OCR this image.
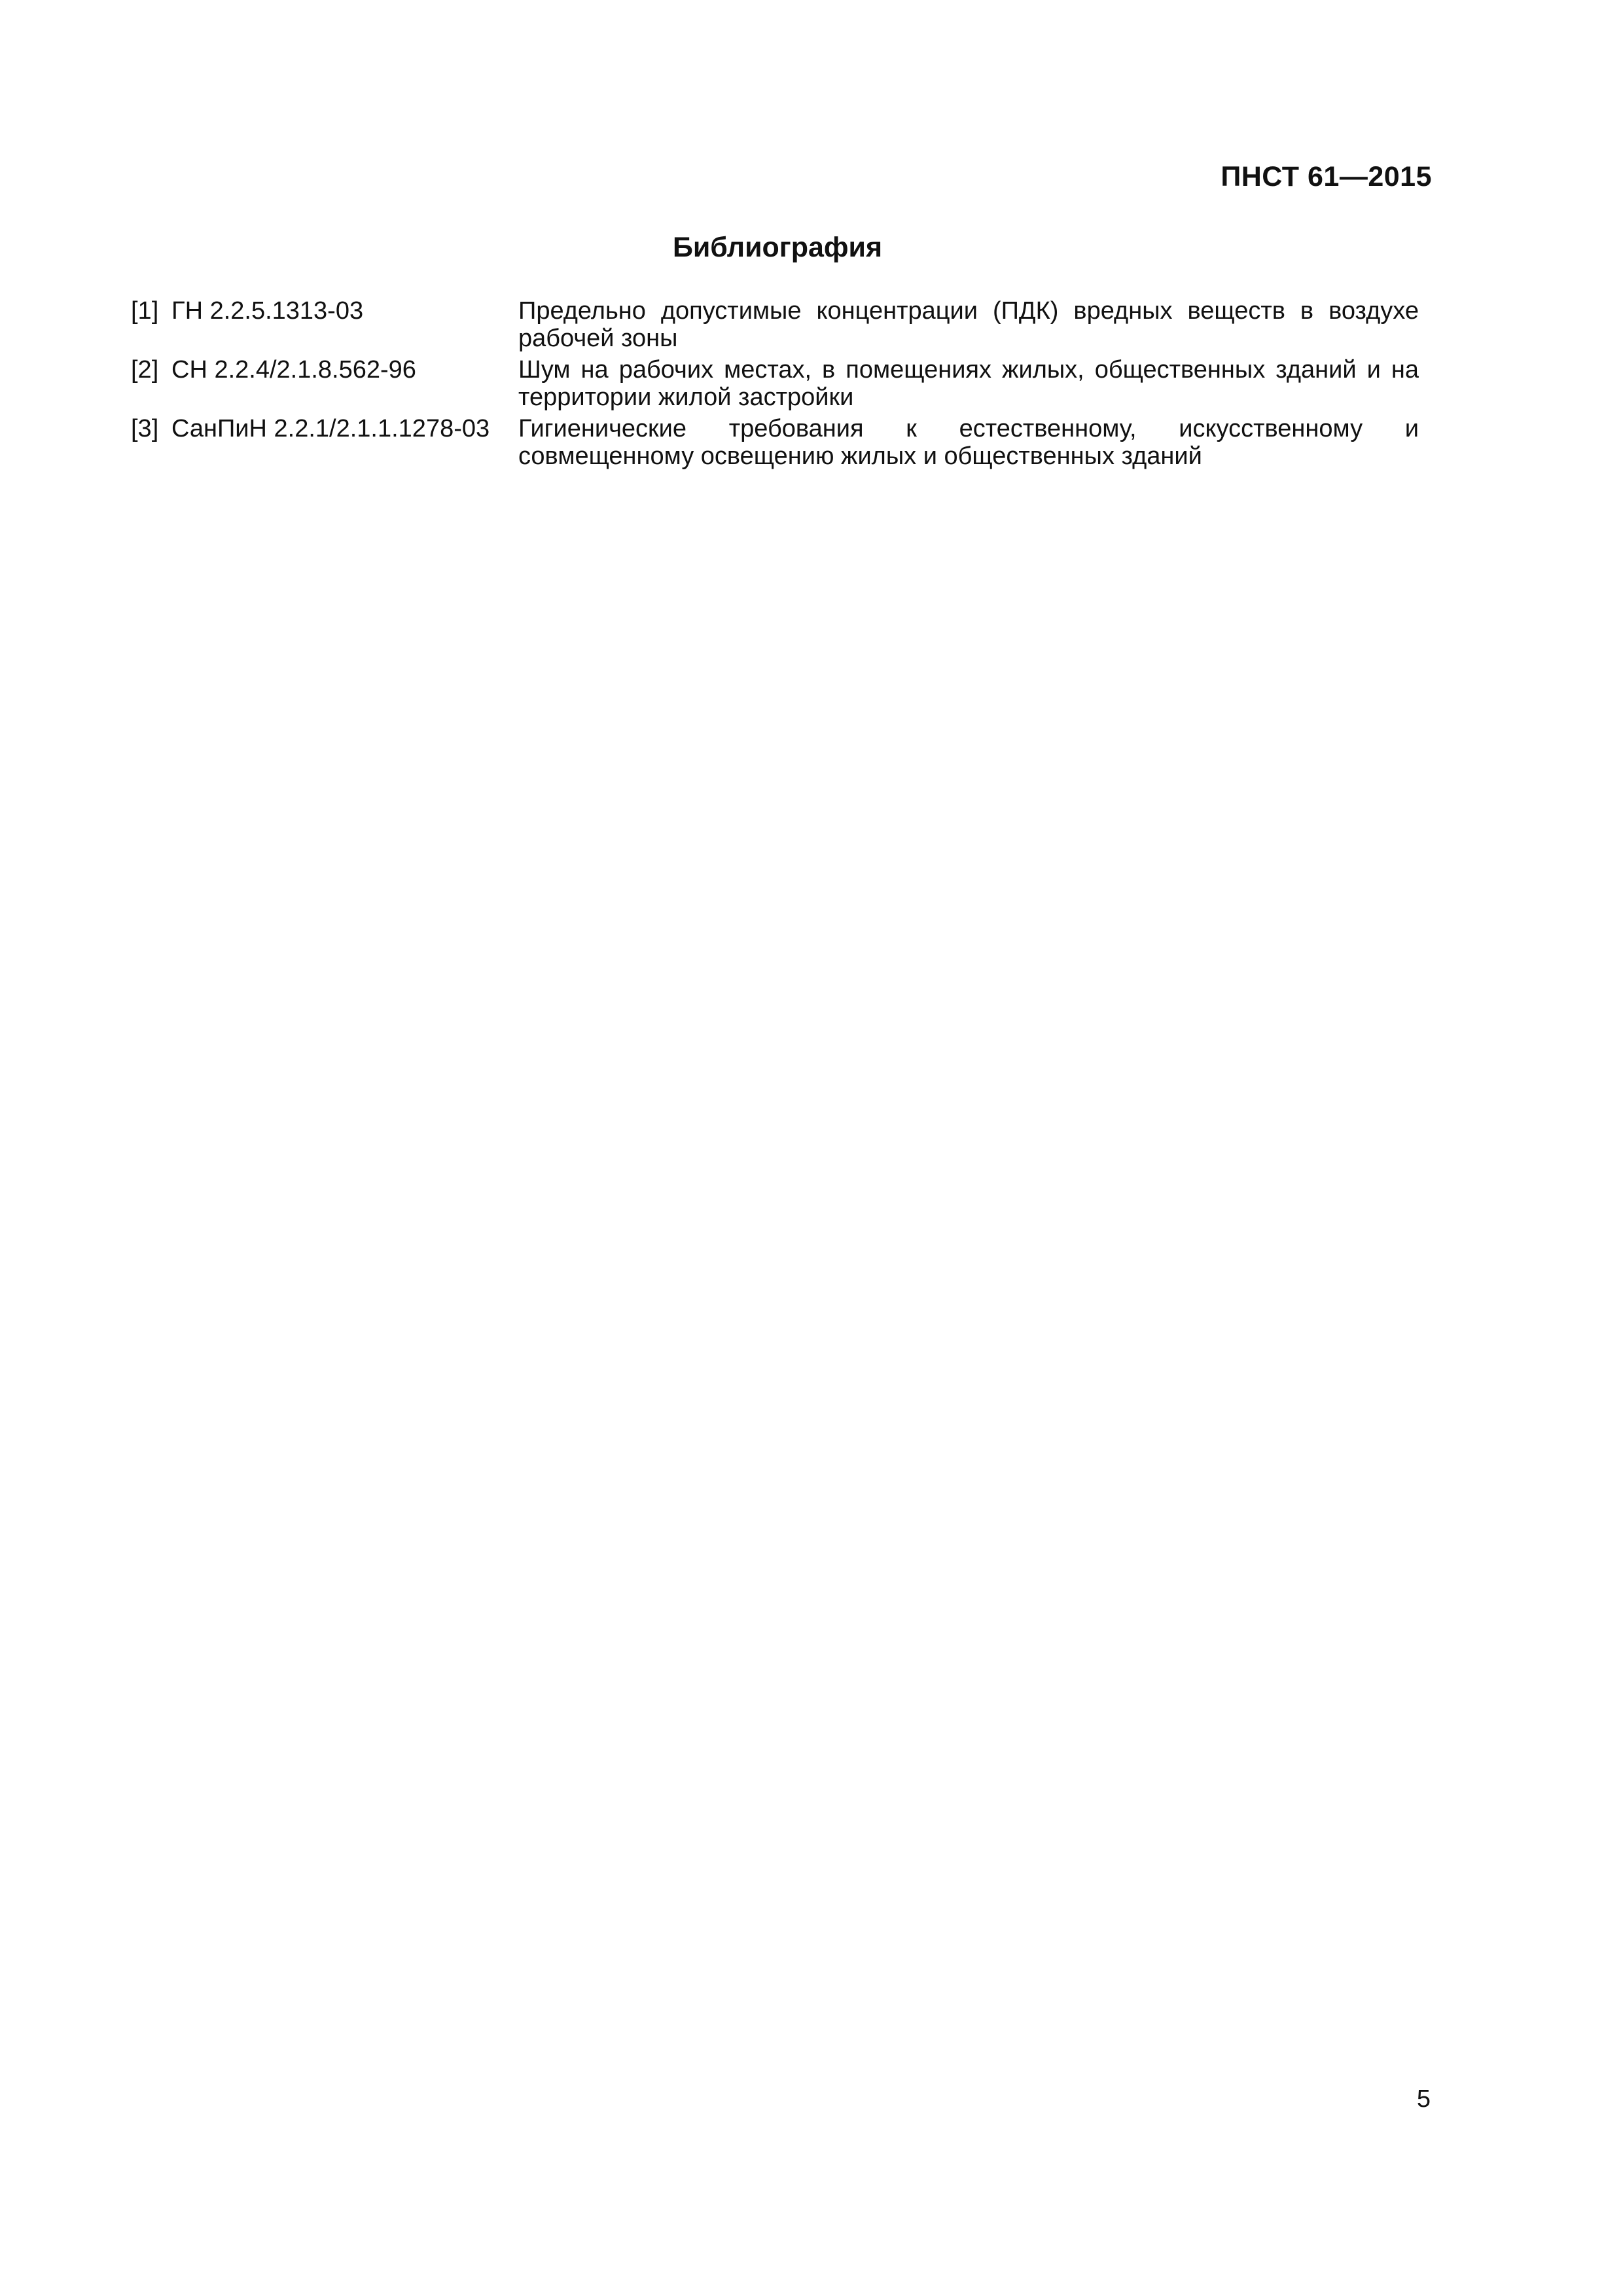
ПНСТ 61—2015
Библиография
[1] ГН 2.2.5.1313-03	Предельно допустимые концентрации (ПДК) вредных веществ в воздухе рабочей зоны
[2] СН 2.2.4/2.1.8.562-96	Шум на рабочих местах, в помещениях жилых, общественных зданий и на территории жилой застройки
[3] СанПиН 2.2.1/2.1.1.1278-03 Гигиенические требования к естественному, искусственному и совмещенному освещению жилых и общественных зданий
5
